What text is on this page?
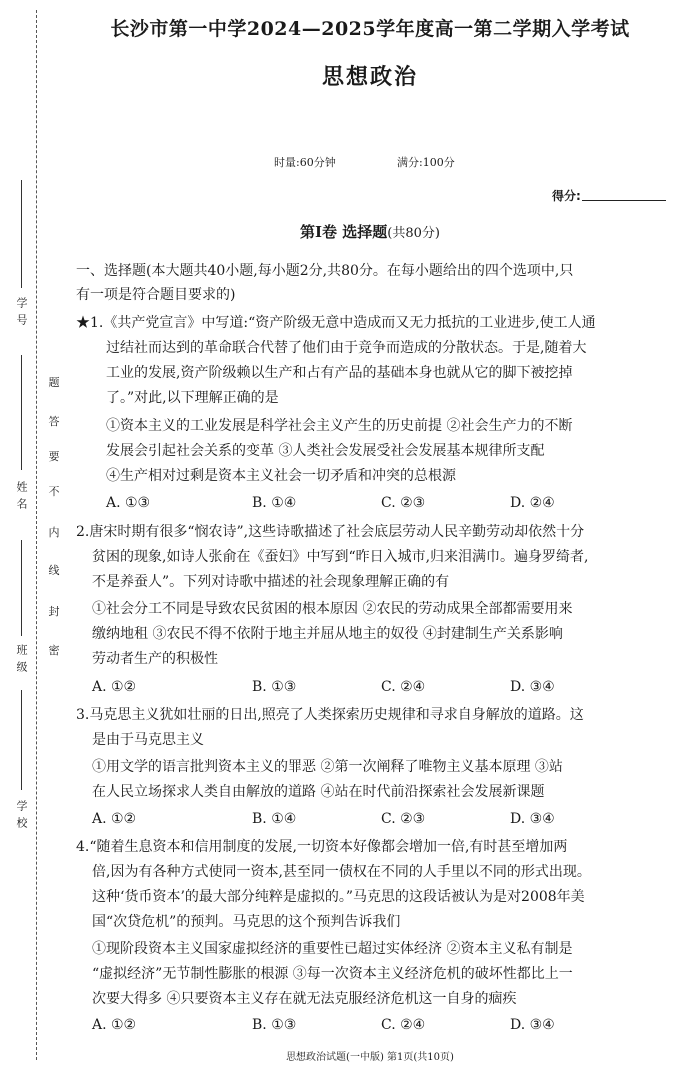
学号
姓名
班级
学校
题
答
要
不
内
线
封
密
长沙市第一中学2024—2025学年度高一第二学期入学考试
思想政治
时量:60分钟	满分:100分
得分:
第Ⅰ卷 选择题(共80分)
一、选择题(本大题共40小题,每小题2分,共80分。在每小题给出的四个选项中,只
有一项是符合题目要求的)
★1.《共产党宣言》中写道:“资产阶级无意中造成而又无力抵抗的工业进步,使工人通
过结社而达到的革命联合代替了他们由于竞争而造成的分散状态。于是,随着大
工业的发展,资产阶级赖以生产和占有产品的基础本身也就从它的脚下被挖掉
了。”对此,以下理解正确的是
①资本主义的工业发展是科学社会主义产生的历史前提 ②社会生产力的不断
发展会引起社会关系的变革 ③人类社会发展受社会发展基本规律所支配
④生产相对过剩是资本主义社会一切矛盾和冲突的总根源
A. ①③	B. ①④	C. ②③	D. ②④
2.唐宋时期有很多“悯农诗”,这些诗歌描述了社会底层劳动人民辛勤劳动却依然十分
贫困的现象,如诗人张俞在《蚕妇》中写到“昨日入城市,归来泪满巾。遍身罗绮者,
不是养蚕人”。下列对诗歌中描述的社会现象理解正确的有
①社会分工不同是导致农民贫困的根本原因 ②农民的劳动成果全部都需要用来
缴纳地租 ③农民不得不依附于地主并屈从地主的奴役 ④封建制生产关系影响
劳动者生产的积极性
A. ①②	B. ①③	C. ②④	D. ③④
3.马克思主义犹如壮丽的日出,照亮了人类探索历史规律和寻求自身解放的道路。这
是由于马克思主义
①用文学的语言批判资本主义的罪恶 ②第一次阐释了唯物主义基本原理 ③站
在人民立场探求人类自由解放的道路 ④站在时代前沿探索社会发展新课题
A. ①②	B. ①④	C. ②③	D. ③④
4.“随着生息资本和信用制度的发展,一切资本好像都会增加一倍,有时甚至增加两
倍,因为有各种方式使同一资本,甚至同一债权在不同的人手里以不同的形式出现。
这种‘货币资本’的最大部分纯粹是虚拟的。”马克思的这段话被认为是对2008年美
国“次贷危机”的预判。马克思的这个预判告诉我们
①现阶段资本主义国家虚拟经济的重要性已超过实体经济 ②资本主义私有制是
“虚拟经济”无节制性膨胀的根源 ③每一次资本主义经济危机的破坏性都比上一
次要大得多 ④只要资本主义存在就无法克服经济危机这一自身的痼疾
A. ①②	B. ①③	C. ②④	D. ③④
思想政治试题(一中版) 第1页(共10页)
